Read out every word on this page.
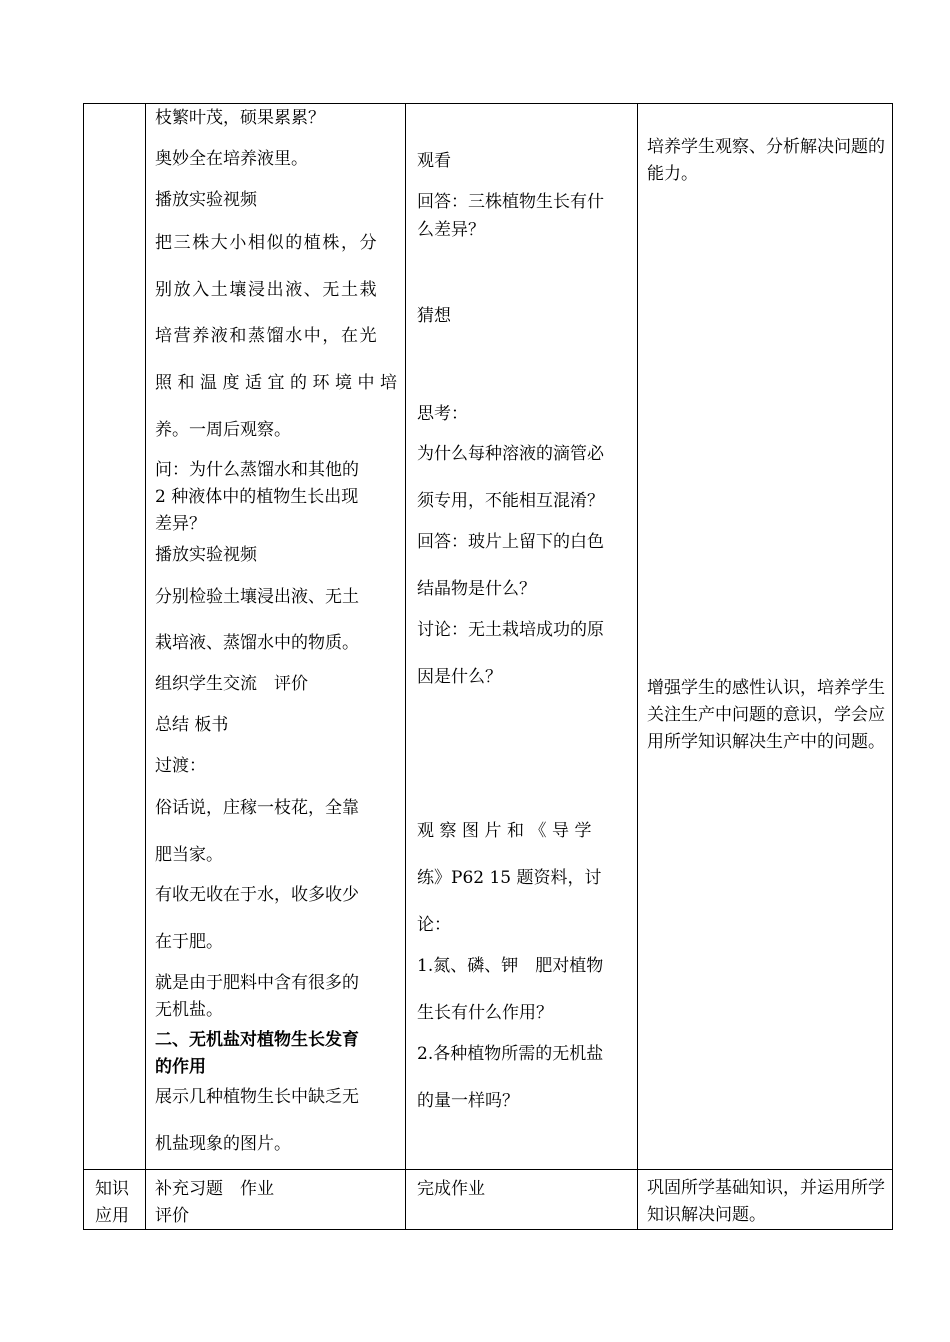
枝繁叶茂，硕果累累？
奥妙全在培养液里。
播放实验视频
把三株大小相似的植株，分
别放入土壤浸出液、无土栽
培营养液和蒸馏水中，在光
照和温度适宜的环境中培
养。一周后观察。
问：为什么蒸馏水和其他的
2 种液体中的植物生长出现
差异？
播放实验视频
分别检验土壤浸出液、无土
栽培液、蒸馏水中的物质。
组织学生交流　评价
总结 板书
过渡：
俗话说，庄稼一枝花，全靠
肥当家。
有收无收在于水，收多收少
在于肥。
就是由于肥料中含有很多的
无机盐。
二、无机盐对植物生长发育
的作用
展示几种植物生长中缺乏无
机盐现象的图片。
观看
回答：三株植物生长有什
么差异？
猜想
思考：
为什么每种溶液的滴管必
须专用，不能相互混淆？
回答：玻片上留下的白色
结晶物是什么？
讨论：无土栽培成功的原
因是什么？
观察图片和《导学
练》P62 15 题资料，讨
论：
1.氮、磷、钾　肥对植物
生长有什么作用？
2.各种植物所需的无机盐
的量一样吗？
培养学生观察、分析解决问题的能力。
增强学生的感性认识，培养学生关注生产中问题的意识，学会应用所学知识解决生产中的问题。
知识
应用
补充习题　作业
评价
完成作业	巩固所学基础知识，并运用所学知识解决问题。
